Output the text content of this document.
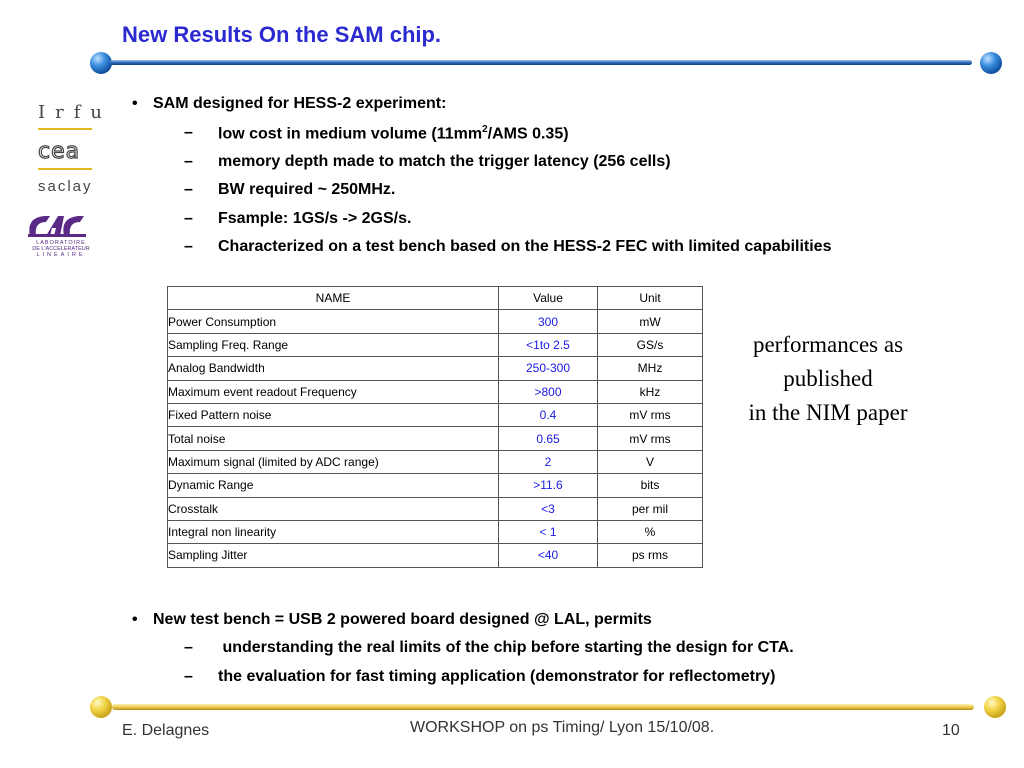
New Results On the SAM chip.
Irfu
cea
saclay
LABORATOIRE
DE L'ACCELERATEUR
LINEAIRE
• SAM designed for HESS-2 experiment:
– low cost in medium volume ($11mm^2$/AMS 0.35)
– memory depth made to match the trigger latency (256 cells)
– BW required ~ 250MHz.
– Fsample: 1GS/s -> 2GS/s.
– Characterized on a test bench based on the HESS-2 FEC with limited capabilities
NAME	Value	Unit
Power Consumption	300	mW
Sampling Freq. Range	<1to 2.5	GS/s
Analog Bandwidth	250-300	MHz
Maximum event readout Frequency	>800	kHz
Fixed Pattern noise	0.4	mV rms
Total noise	0.65	mV rms
Maximum signal (limited by ADC range)	2	V
Dynamic Range	>11.6	bits
Crosstalk	<3	per mil
Integral non linearity	< 1	%
Sampling Jitter	<40	ps rms
performances as
published
in the NIM paper
• New test bench = USB 2 powered board designed @ LAL, permits
– understanding the real limits of the chip before starting the design for CTA.
– the evaluation for fast timing application (demonstrator for reflectometry)
E. Delagnes	WORKSHOP on ps Timing/ Lyon 15/10/08.	10
